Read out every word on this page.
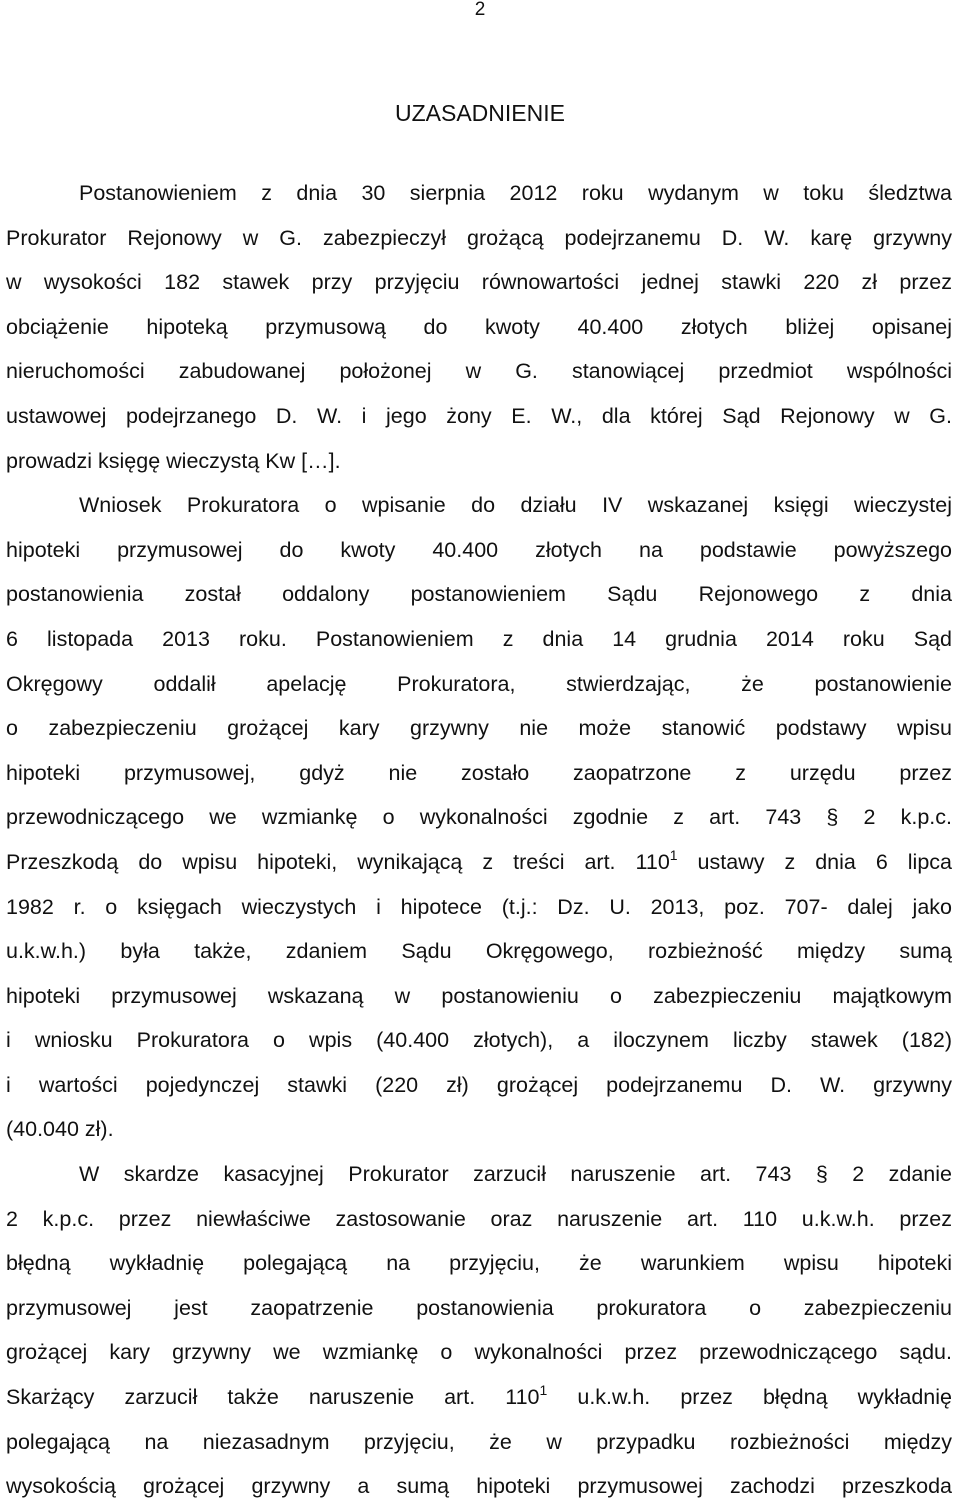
2
UZASADNIENIE
Postanowieniem z dnia 30 sierpnia 2012 roku wydanym w toku śledztwa
Prokurator Rejonowy w G. zabezpieczył grożącą podejrzanemu D. W. karę grzywny
w wysokości 182 stawek przy przyjęciu równowartości jednej stawki 220 zł przez
obciążenie hipoteką przymusową do kwoty 40.400 złotych bliżej opisanej
nieruchomości zabudowanej położonej w G. stanowiącej przedmiot wspólności
ustawowej podejrzanego D. W. i jego żony E. W., dla której Sąd Rejonowy w G.
prowadzi księgę wieczystą Kw […].
Wniosek Prokuratora o wpisanie do działu IV wskazanej księgi wieczystej
hipoteki przymusowej do kwoty 40.400 złotych na podstawie powyższego
postanowienia został oddalony postanowieniem Sądu Rejonowego z dnia
6 listopada 2013 roku. Postanowieniem z dnia 14 grudnia 2014 roku Sąd
Okręgowy oddalił apelację Prokuratora, stwierdzając, że postanowienie
o zabezpieczeniu grożącej kary grzywny nie może stanowić podstawy wpisu
hipoteki przymusowej, gdyż nie zostało zaopatrzone z urzędu przez
przewodniczącego we wzmiankę o wykonalności zgodnie z art. 743 § 2 k.p.c.
Przeszkodą do wpisu hipoteki, wynikającą z treści art. $110^1$ ustawy z dnia 6 lipca
1982 r. o księgach wieczystych i hipotece (t.j.: Dz. U. 2013, poz. 707- dalej jako
u.k.w.h.) była także, zdaniem Sądu Okręgowego, rozbieżność między sumą
hipoteki przymusowej wskazaną w postanowieniu o zabezpieczeniu majątkowym
i wniosku Prokuratora o wpis (40.400 złotych), a iloczynem liczby stawek (182)
i wartości pojedynczej stawki (220 zł) grożącej podejrzanemu D. W. grzywny
(40.040 zł).
W skardze kasacyjnej Prokurator zarzucił naruszenie art. 743 § 2 zdanie
2 k.p.c. przez niewłaściwe zastosowanie oraz naruszenie art. 110 u.k.w.h. przez
błędną wykładnię polegającą na przyjęciu, że warunkiem wpisu hipoteki
przymusowej jest zaopatrzenie postanowienia prokuratora o zabezpieczeniu
grożącej kary grzywny we wzmiankę o wykonalności przez przewodniczącego sądu.
Skarżący zarzucił także naruszenie art. $110^1$ u.k.w.h. przez błędną wykładnię
polegającą na niezasadnym przyjęciu, że w przypadku rozbieżności między
wysokością grożącej grzywny a sumą hipoteki przymusowej zachodzi przeszkoda
